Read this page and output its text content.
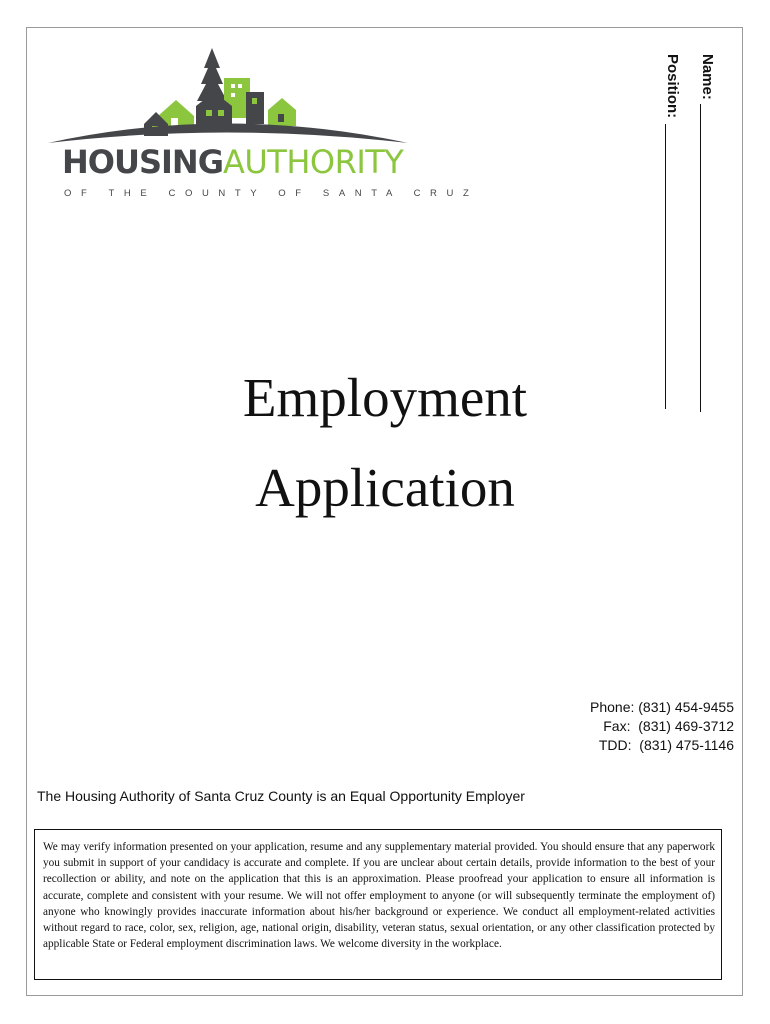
HOUSINGAUTHORITY
OF THE COUNTY OF SANTA CRUZ
Name:
Position:
Employment
Application
Phone: (831) 454-9455
Fax:  (831) 469-3712
TDD:  (831) 475-1146
The Housing Authority of Santa Cruz County is an Equal Opportunity Employer
We may verify information presented on your application, resume and any supplementary material provided. You should ensure that any paperwork you submit in support of your candidacy is accurate and complete. If you are unclear about certain details, provide information to the best of your recollection or ability, and note on the application that this is an approximation. Please proofread your application to ensure all information is accurate, complete and consistent with your resume. We will not offer employment to anyone (or will subsequently terminate the employment of) anyone who knowingly provides inaccurate information about his/her background or experience. We conduct all employment-related activities without regard to race, color, sex, religion, age, national origin, disability, veteran status, sexual orientation, or any other classification protected by applicable State or Federal employment discrimination laws. We welcome diversity in the workplace.
